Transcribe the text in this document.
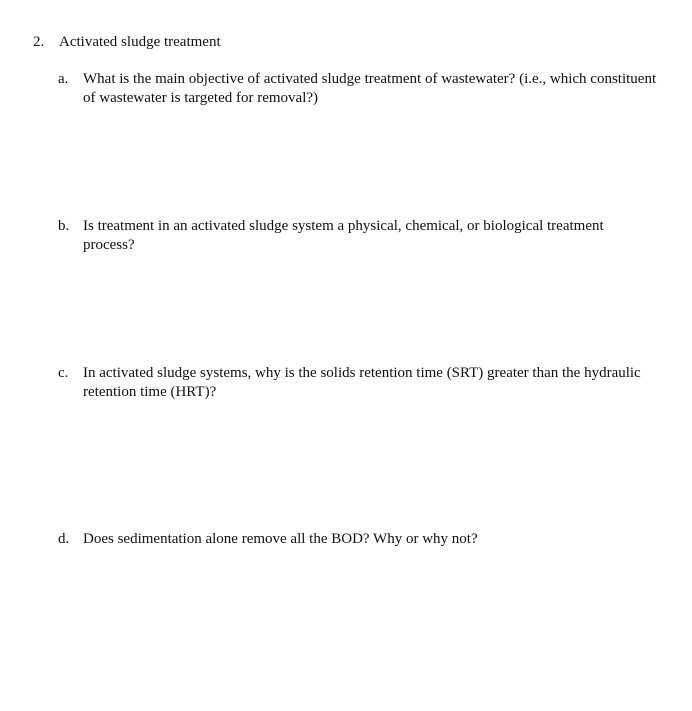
2. Activated sludge treatment
a. What is the main objective of activated sludge treatment of wastewater? (i.e., which constituent of wastewater is targeted for removal?)
b. Is treatment in an activated sludge system a physical, chemical, or biological treatment process?
c. In activated sludge systems, why is the solids retention time (SRT) greater than the hydraulic retention time (HRT)?
d. Does sedimentation alone remove all the BOD? Why or why not?
